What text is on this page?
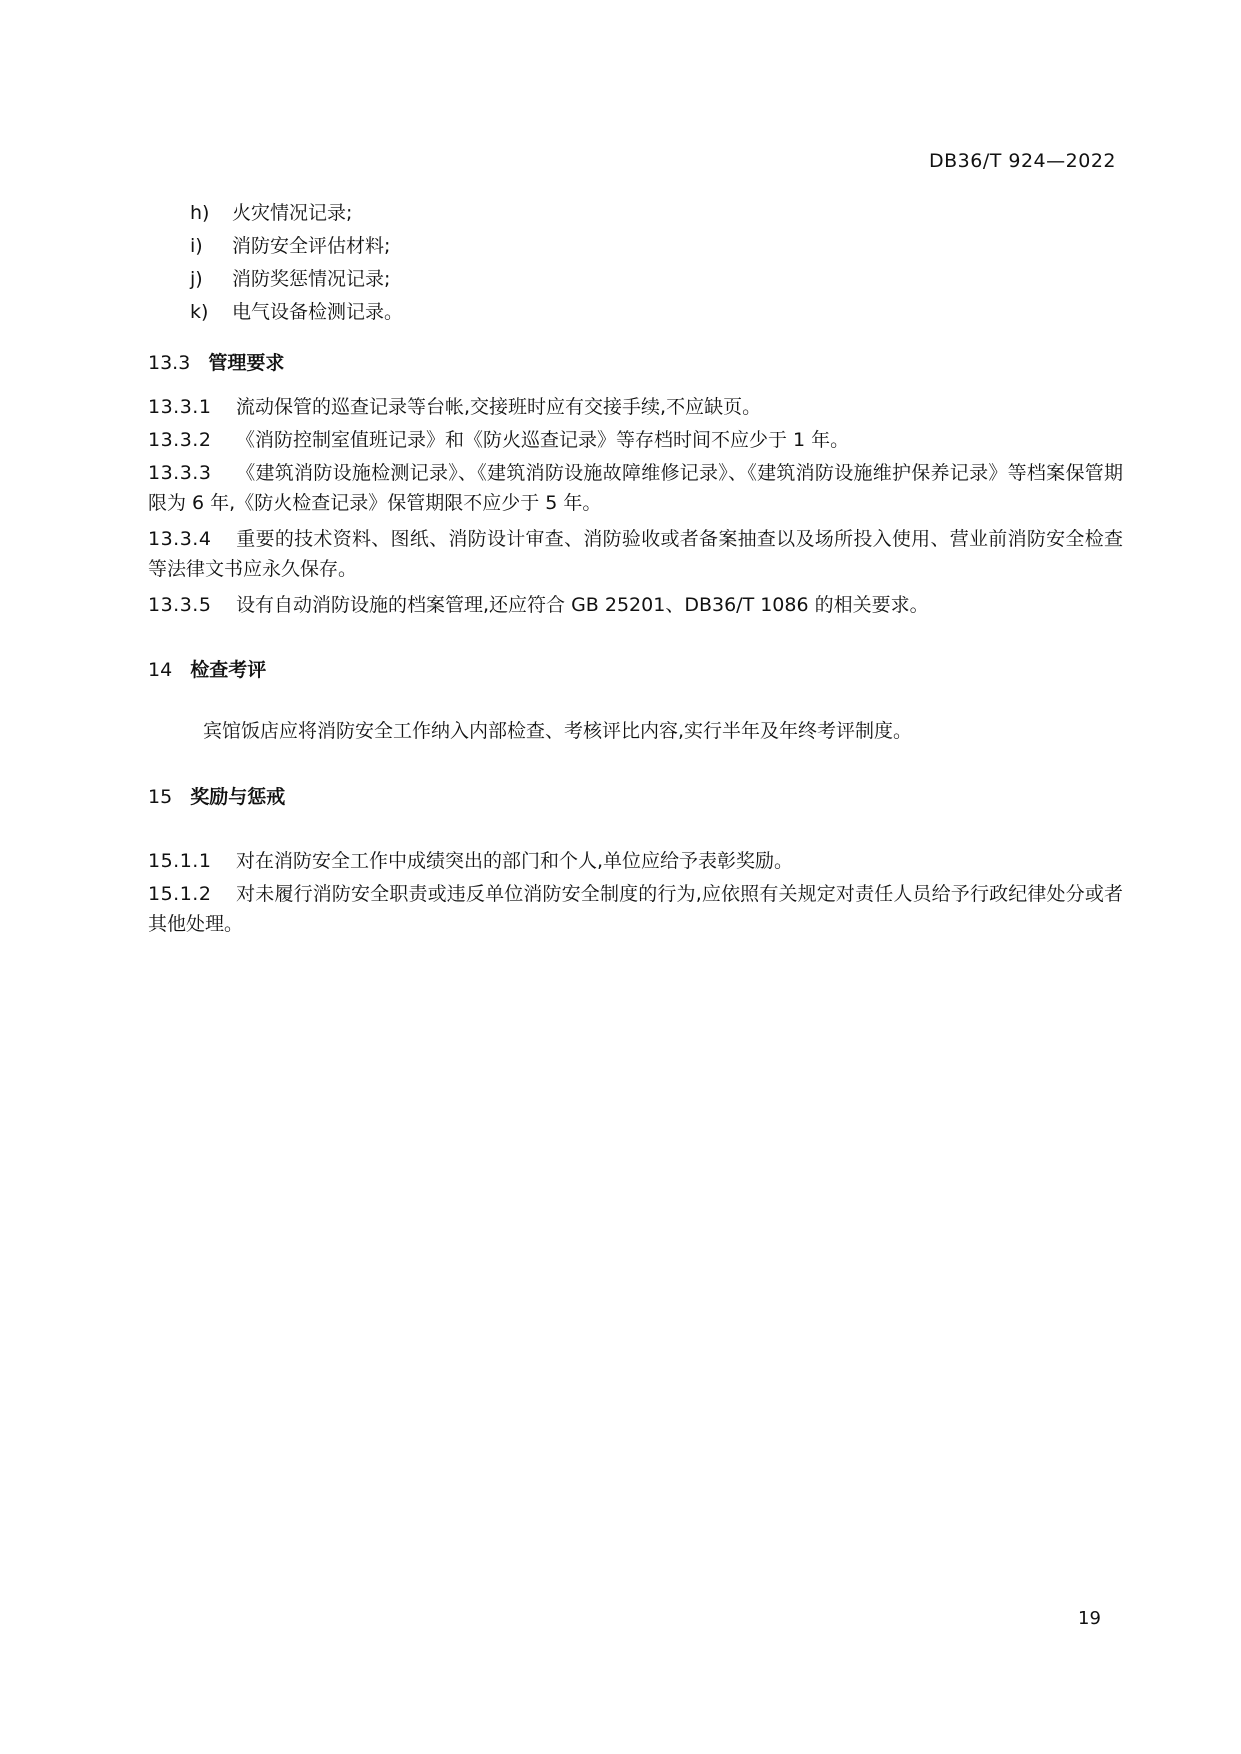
DB36/T 924—2022
h) 火灾情况记录;
i) 消防安全评估材料;
j) 消防奖惩情况记录;
k) 电气设备检测记录。
13.3 管理要求
13.3.1 流动保管的巡查记录等台帐,交接班时应有交接手续,不应缺页。
13.3.2 《消防控制室值班记录》和《防火巡查记录》等存档时间不应少于 1 年。
13.3.3 《建筑消防设施检测记录》、《建筑消防设施故障维修记录》、《建筑消防设施维护保养记录》等档案保管期限为 6 年,《防火检查记录》保管期限不应少于 5 年。
13.3.4 重要的技术资料、图纸、消防设计审查、消防验收或者备案抽查以及场所投入使用、营业前消防安全检查等法律文书应永久保存。
13.3.5 设有自动消防设施的档案管理,还应符合 GB 25201、DB36/T 1086 的相关要求。
14 检查考评
宾馆饭店应将消防安全工作纳入内部检查、考核评比内容,实行半年及年终考评制度。
15 奖励与惩戒
15.1.1 对在消防安全工作中成绩突出的部门和个人,单位应给予表彰奖励。
15.1.2 对未履行消防安全职责或违反单位消防安全制度的行为,应依照有关规定对责任人员给予行政纪律处分或者其他处理。
19
